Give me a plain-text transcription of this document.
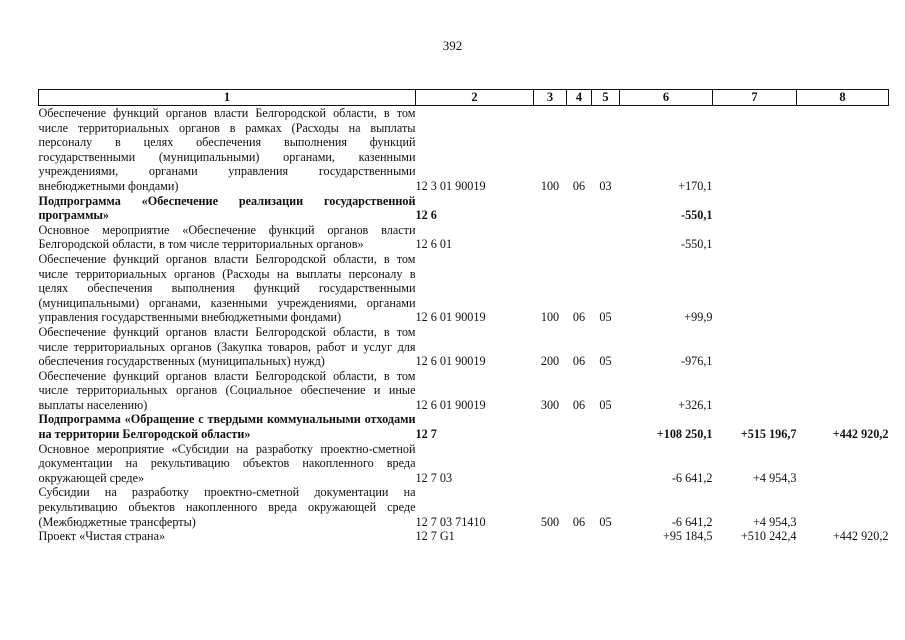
392
1	2	3	4	5	6	7	8
Обеспечение функций органов власти Белгородской области, в том числе территориальных органов в рамках (Расходы на выплаты персоналу в целях обеспечения выполнения функций государственными (муниципальными) органами, казенными учреждениями, органами управления государственными внебюджетными фондами)	12 3 01 90019	100	06	03	+170,1		
Подпрограмма «Обеспечение реализации государственной программы»	12 6				-550,1		
Основное мероприятие «Обеспечение функций органов власти Белгородской области, в том числе территориальных органов»	12 6 01				-550,1		
Обеспечение функций органов власти Белгородской области, в том числе территориальных органов (Расходы на выплаты персоналу в целях обеспечения выполнения функций государственными (муниципальными) органами, казенными учреждениями, органами управления государственными внебюджетными фондами)	12 6 01 90019	100	06	05	+99,9		
Обеспечение функций органов власти Белгородской области, в том числе территориальных органов (Закупка товаров, работ и услуг для обеспечения государственных (муниципальных) нужд)	12 6 01 90019	200	06	05	-976,1		
Обеспечение функций органов власти Белгородской области, в том числе территориальных органов (Социальное обеспечение и иные выплаты населению)	12 6 01 90019	300	06	05	+326,1		
Подпрограмма «Обращение с твердыми коммунальными отходами на территории Белгородской области»	12 7				+108 250,1	+515 196,7	+442 920,2
Основное мероприятие «Субсидии на разработку проектно-сметной документации на рекультивацию объектов накопленного вреда окружающей среде»	12 7 03				-6 641,2	+4 954,3	
Субсидии на разработку проектно-сметной документации на рекультивацию объектов накопленного вреда окружающей среде (Межбюджетные трансферты)	12 7 03 71410	500	06	05	-6 641,2	+4 954,3	
Проект «Чистая страна»	12 7 G1				+95 184,5	+510 242,4	+442 920,2
